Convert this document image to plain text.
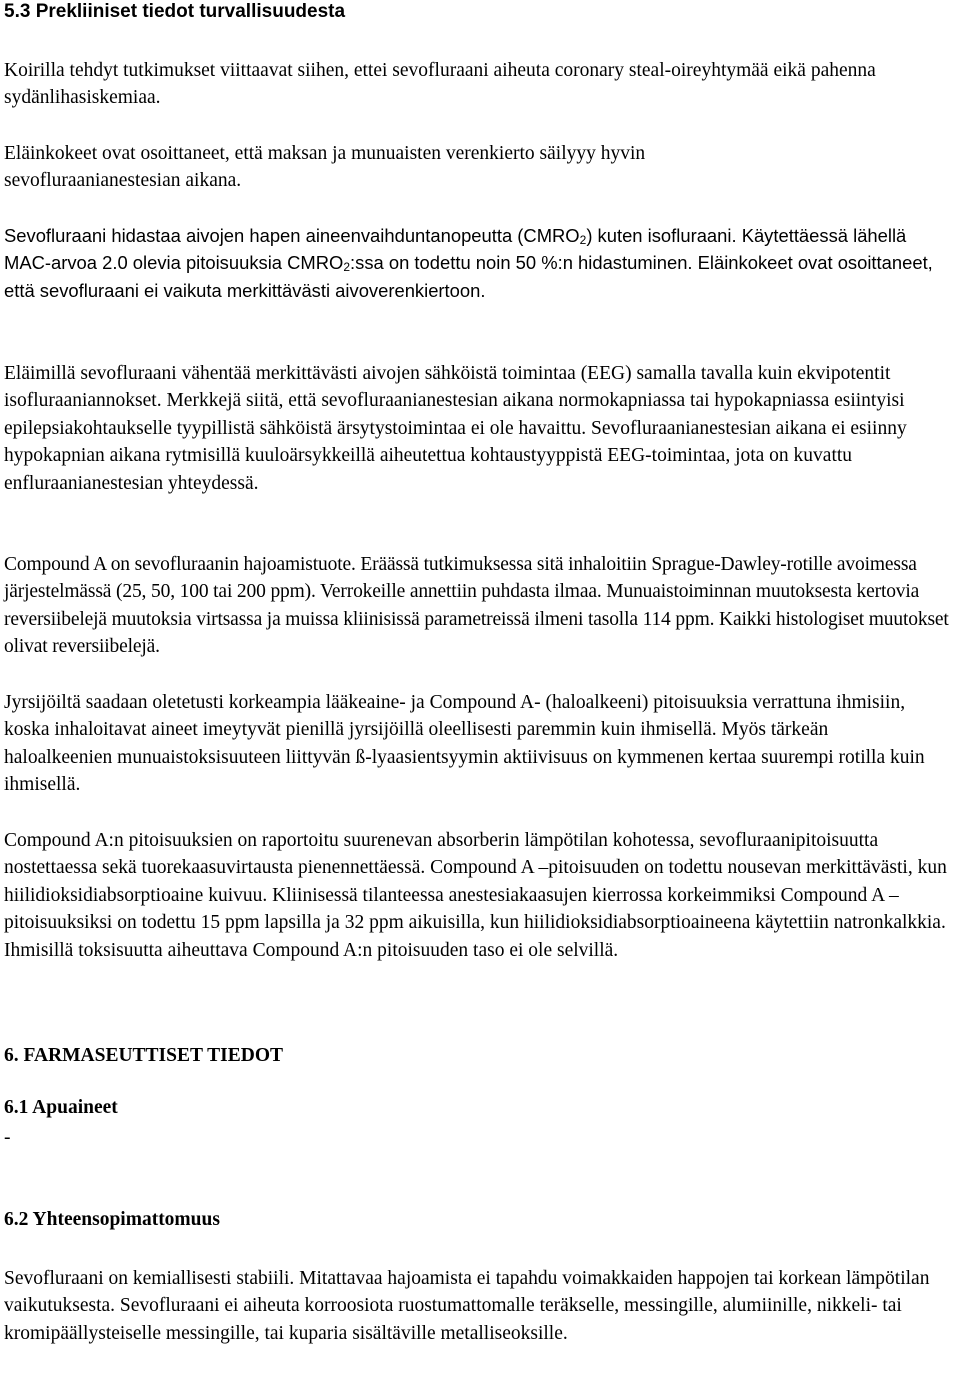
5.3 Prekliiniset tiedot turvallisuudesta

Koirilla tehdyt tutkimukset viittaavat siihen, ettei sevofluraani aiheuta coronary steal-oireyhtymää eikä pahenna sydänlihasiskemiaa.

Eläinkokeet ovat osoittaneet, että maksan ja munuaisten verenkierto säilyyy hyvin sevofluraanianestesian aikana.

Sevofluraani hidastaa aivojen hapen aineenvaihduntanopeutta $(CMRO_2)$ kuten isofluraani. Käytettäessä lähellä MAC-arvoa 2.0 olevia pitoisuuksia $CMRO_2:ssa$ on todettu noin 50 %:n hidastuminen. Eläinkokeet ovat osoittaneet, että sevofluraani ei vaikuta merkittävästi aivoverenkiertoon.

Eläimillä sevofluraani vähentää merkittävästi aivojen sähköistä toimintaa (EEG) samalla tavalla kuin ekvipotentit isofluraaniannokset. Merkkejä siitä, että sevofluraanianestesian aikana normokapniassa tai hypokapniassa esiintyisi epilepsiakohtaukselle tyypillistä sähköistä ärsytystoimintaa ei ole havaittu. Sevofluraanianestesian aikana ei esiinny hypokapnian aikana rytmisillä kuuloärsykkeillä aiheutettua kohtaustyyppistä EEG-toimintaa, jota on kuvattu enfluraanianestesian yhteydessä.

Compound A on sevofluraanin hajoamistuote. Eräässä tutkimuksessa sitä inhaloitiin Sprague-Dawley-rotille avoimessa järjestelmässä (25, 50, 100 tai 200 ppm). Verrokeille annettiin puhdasta ilmaa. Munuaistoiminnan muutoksesta kertovia reversiibelejä muutoksia virtsassa ja muissa kliinisissä parametreissä ilmeni tasolla 114 ppm. Kaikki histologiset muutokset olivat reversiibelejä.

Jyrsijöiltä saadaan oletetusti korkeampia lääkeaine- ja Compound A- (haloalkeeni) pitoisuuksia verrattuna ihmisiin, koska inhaloitavat aineet imeytyvät pienillä jyrsijöillä oleellisesti paremmin kuin ihmisellä. Myös tärkeän haloalkeenien munuaistoksisuuteen liittyvän ß-lyaasientsyymin aktiivisuus on kymmenen kertaa suurempi rotilla kuin ihmisellä.

Compound A:n pitoisuuksien on raportoitu suurenevan absorberin lämpötilan kohotessa, sevofluraanipitoisuutta nostettaessa sekä tuorekaasuvirtausta pienennettäessä. Compound A –pitoisuuden on todettu nousevan merkittävästi, kun hiilidioksidiabsorptioaine kuivuu. Kliinisessä tilanteessa anestesiakaasujen kierrossa korkeimmiksi Compound A –pitoisuuksiksi on todettu 15 ppm lapsilla ja 32 ppm aikuisilla, kun hiilidioksidiabsorptioaineena käytettiin natronkalkkia. Ihmisillä toksisuutta aiheuttava Compound A:n pitoisuuden taso ei ole selvillä.

6. FARMASEUTTISET TIEDOT
6.1 Apuaineet
-
6.2 Yhteensopimattomuus

Sevofluraani on kemiallisesti stabiili. Mitattavaa hajoamista ei tapahdu voimakkaiden happojen tai korkean lämpötilan vaikutuksesta. Sevofluraani ei aiheuta korroosiota ruostumattomalle teräkselle, messingille, alumiinille, nikkeli- tai kromipäällysteiselle messingille, tai kuparia sisältäville metalliseoksille.
